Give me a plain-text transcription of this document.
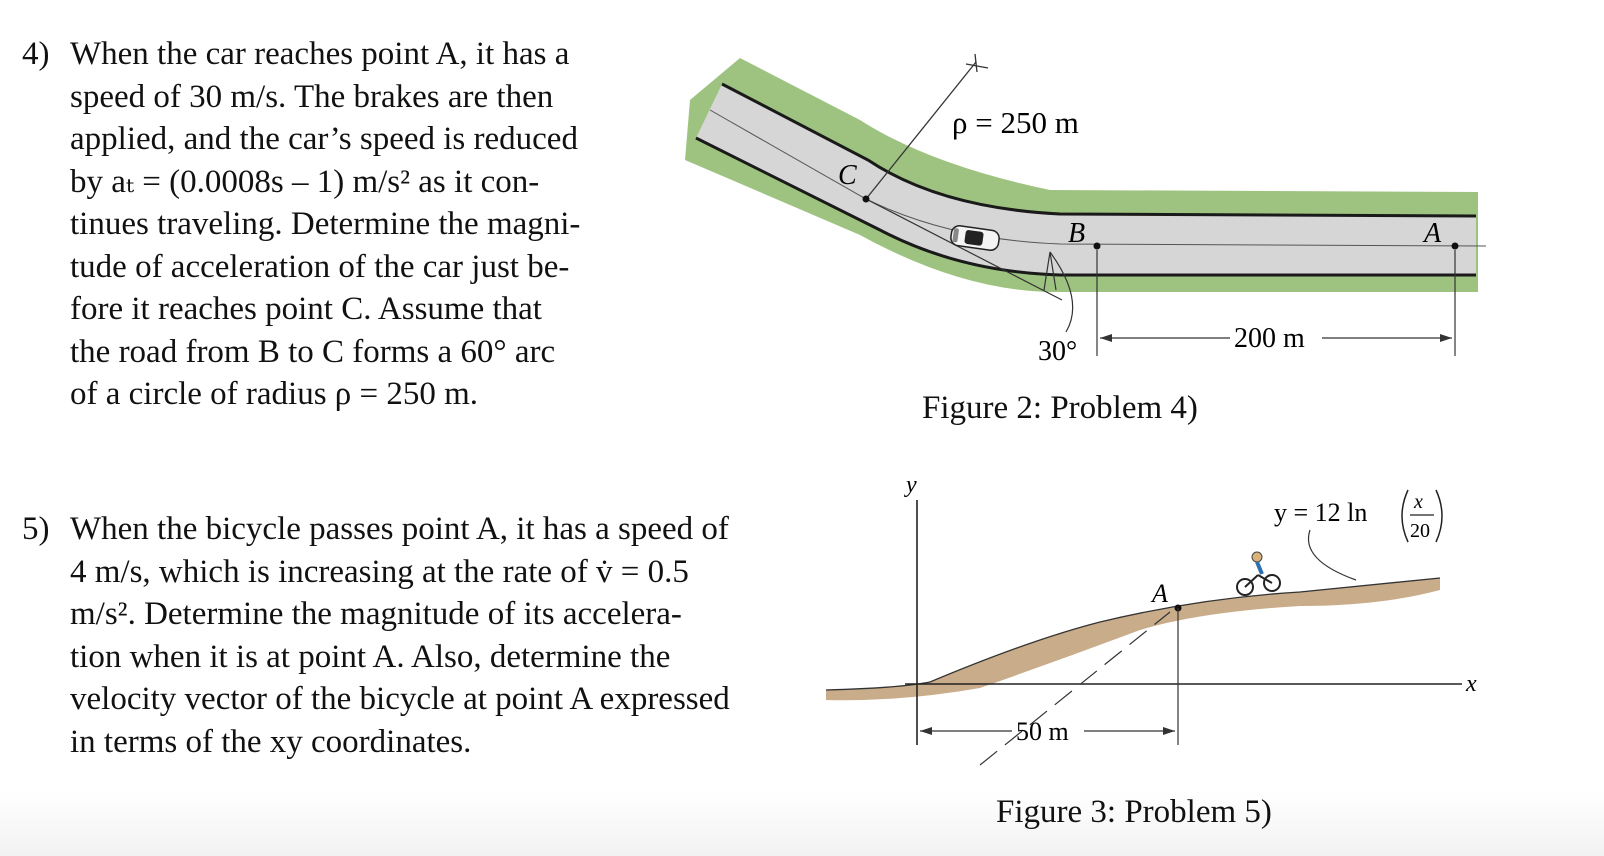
4) When the car reaches point A, it has a
speed of 30 m/s. The brakes are then
applied, and the car’s speed is reduced
by aₜ = (0.0008s – 1) m/s² as it con-
tinues traveling. Determine the magni-
tude of acceleration of the car just be-
fore it reaches point C. Assume that
the road from B to C forms a 60° arc
of a circle of radius ρ = 250 m.
5) When the bicycle passes point A, it has a speed of
4 m/s, which is increasing at the rate of v̇ = 0.5
m/s². Determine the magnitude of its accelera-
tion when it is at point A. Also, determine the
velocity vector of the bicycle at point A expressed
in terms of the xy coordinates.
ρ = 250 m
C
B	A
30°	200 m
y
x
y = 12 ln x
20
A
50 m
Figure 2: Problem 4)
Figure 3: Problem 5)
